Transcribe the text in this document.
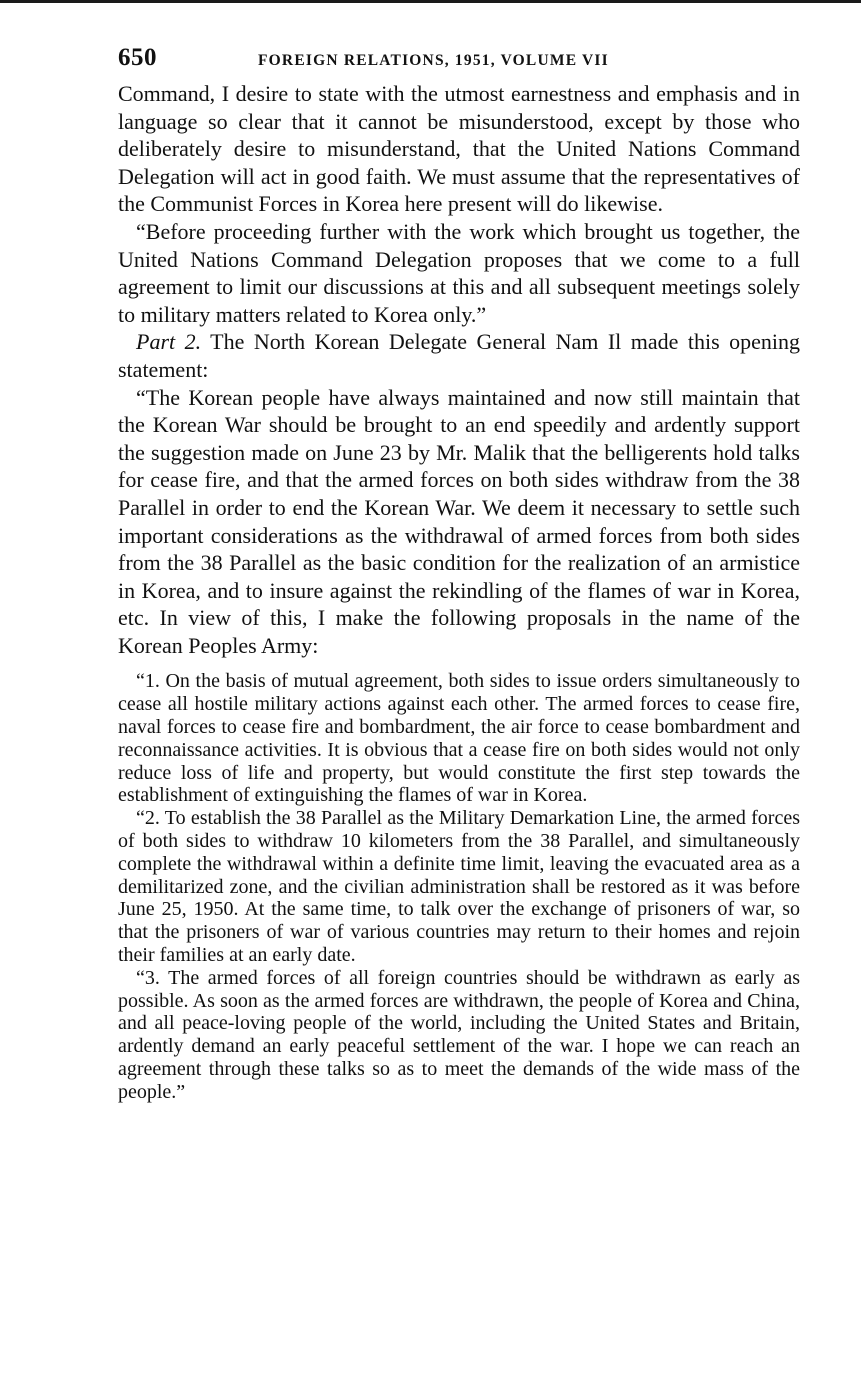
650	FOREIGN RELATIONS, 1951, VOLUME VII

Command, I desire to state with the utmost earnestness and emphasis and in language so clear that it cannot be misunderstood, except by those who deliberately desire to misunderstand, that the United Nations Command Delegation will act in good faith. We must assume that the representatives of the Communist Forces in Korea here present will do likewise.

“Before proceeding further with the work which brought us together, the United Nations Command Delegation proposes that we come to a full agreement to limit our discussions at this and all subsequent meetings solely to military matters related to Korea only.”

Part 2. The North Korean Delegate General Nam Il made this opening statement:

“The Korean people have always maintained and now still maintain that the Korean War should be brought to an end speedily and ardently support the suggestion made on June 23 by Mr. Malik that the belligerents hold talks for cease fire, and that the armed forces on both sides withdraw from the 38 Parallel in order to end the Korean War. We deem it necessary to settle such important considerations as the withdrawal of armed forces from both sides from the 38 Parallel as the basic condition for the realization of an armistice in Korea, and to insure against the rekindling of the flames of war in Korea, etc. In view of this, I make the following proposals in the name of the Korean Peoples Army:

“1. On the basis of mutual agreement, both sides to issue orders simultaneously to cease all hostile military actions against each other. The armed forces to cease fire, naval forces to cease fire and bombardment, the air force to cease bombardment and reconnaissance activities. It is obvious that a cease fire on both sides would not only reduce loss of life and property, but would constitute the first step towards the establishment of extinguishing the flames of war in Korea.

“2. To establish the 38 Parallel as the Military Demarkation Line, the armed forces of both sides to withdraw 10 kilometers from the 38 Parallel, and simultaneously complete the withdrawal within a definite time limit, leaving the evacuated area as a demilitarized zone, and the civilian administration shall be restored as it was before June 25, 1950. At the same time, to talk over the exchange of prisoners of war, so that the prisoners of war of various countries may return to their homes and rejoin their families at an early date.

“3. The armed forces of all foreign countries should be withdrawn as early as possible. As soon as the armed forces are withdrawn, the people of Korea and China, and all peace-loving people of the world, including the United States and Britain, ardently demand an early peaceful settlement of the war. I hope we can reach an agreement through these talks so as to meet the demands of the wide mass of the people.”
